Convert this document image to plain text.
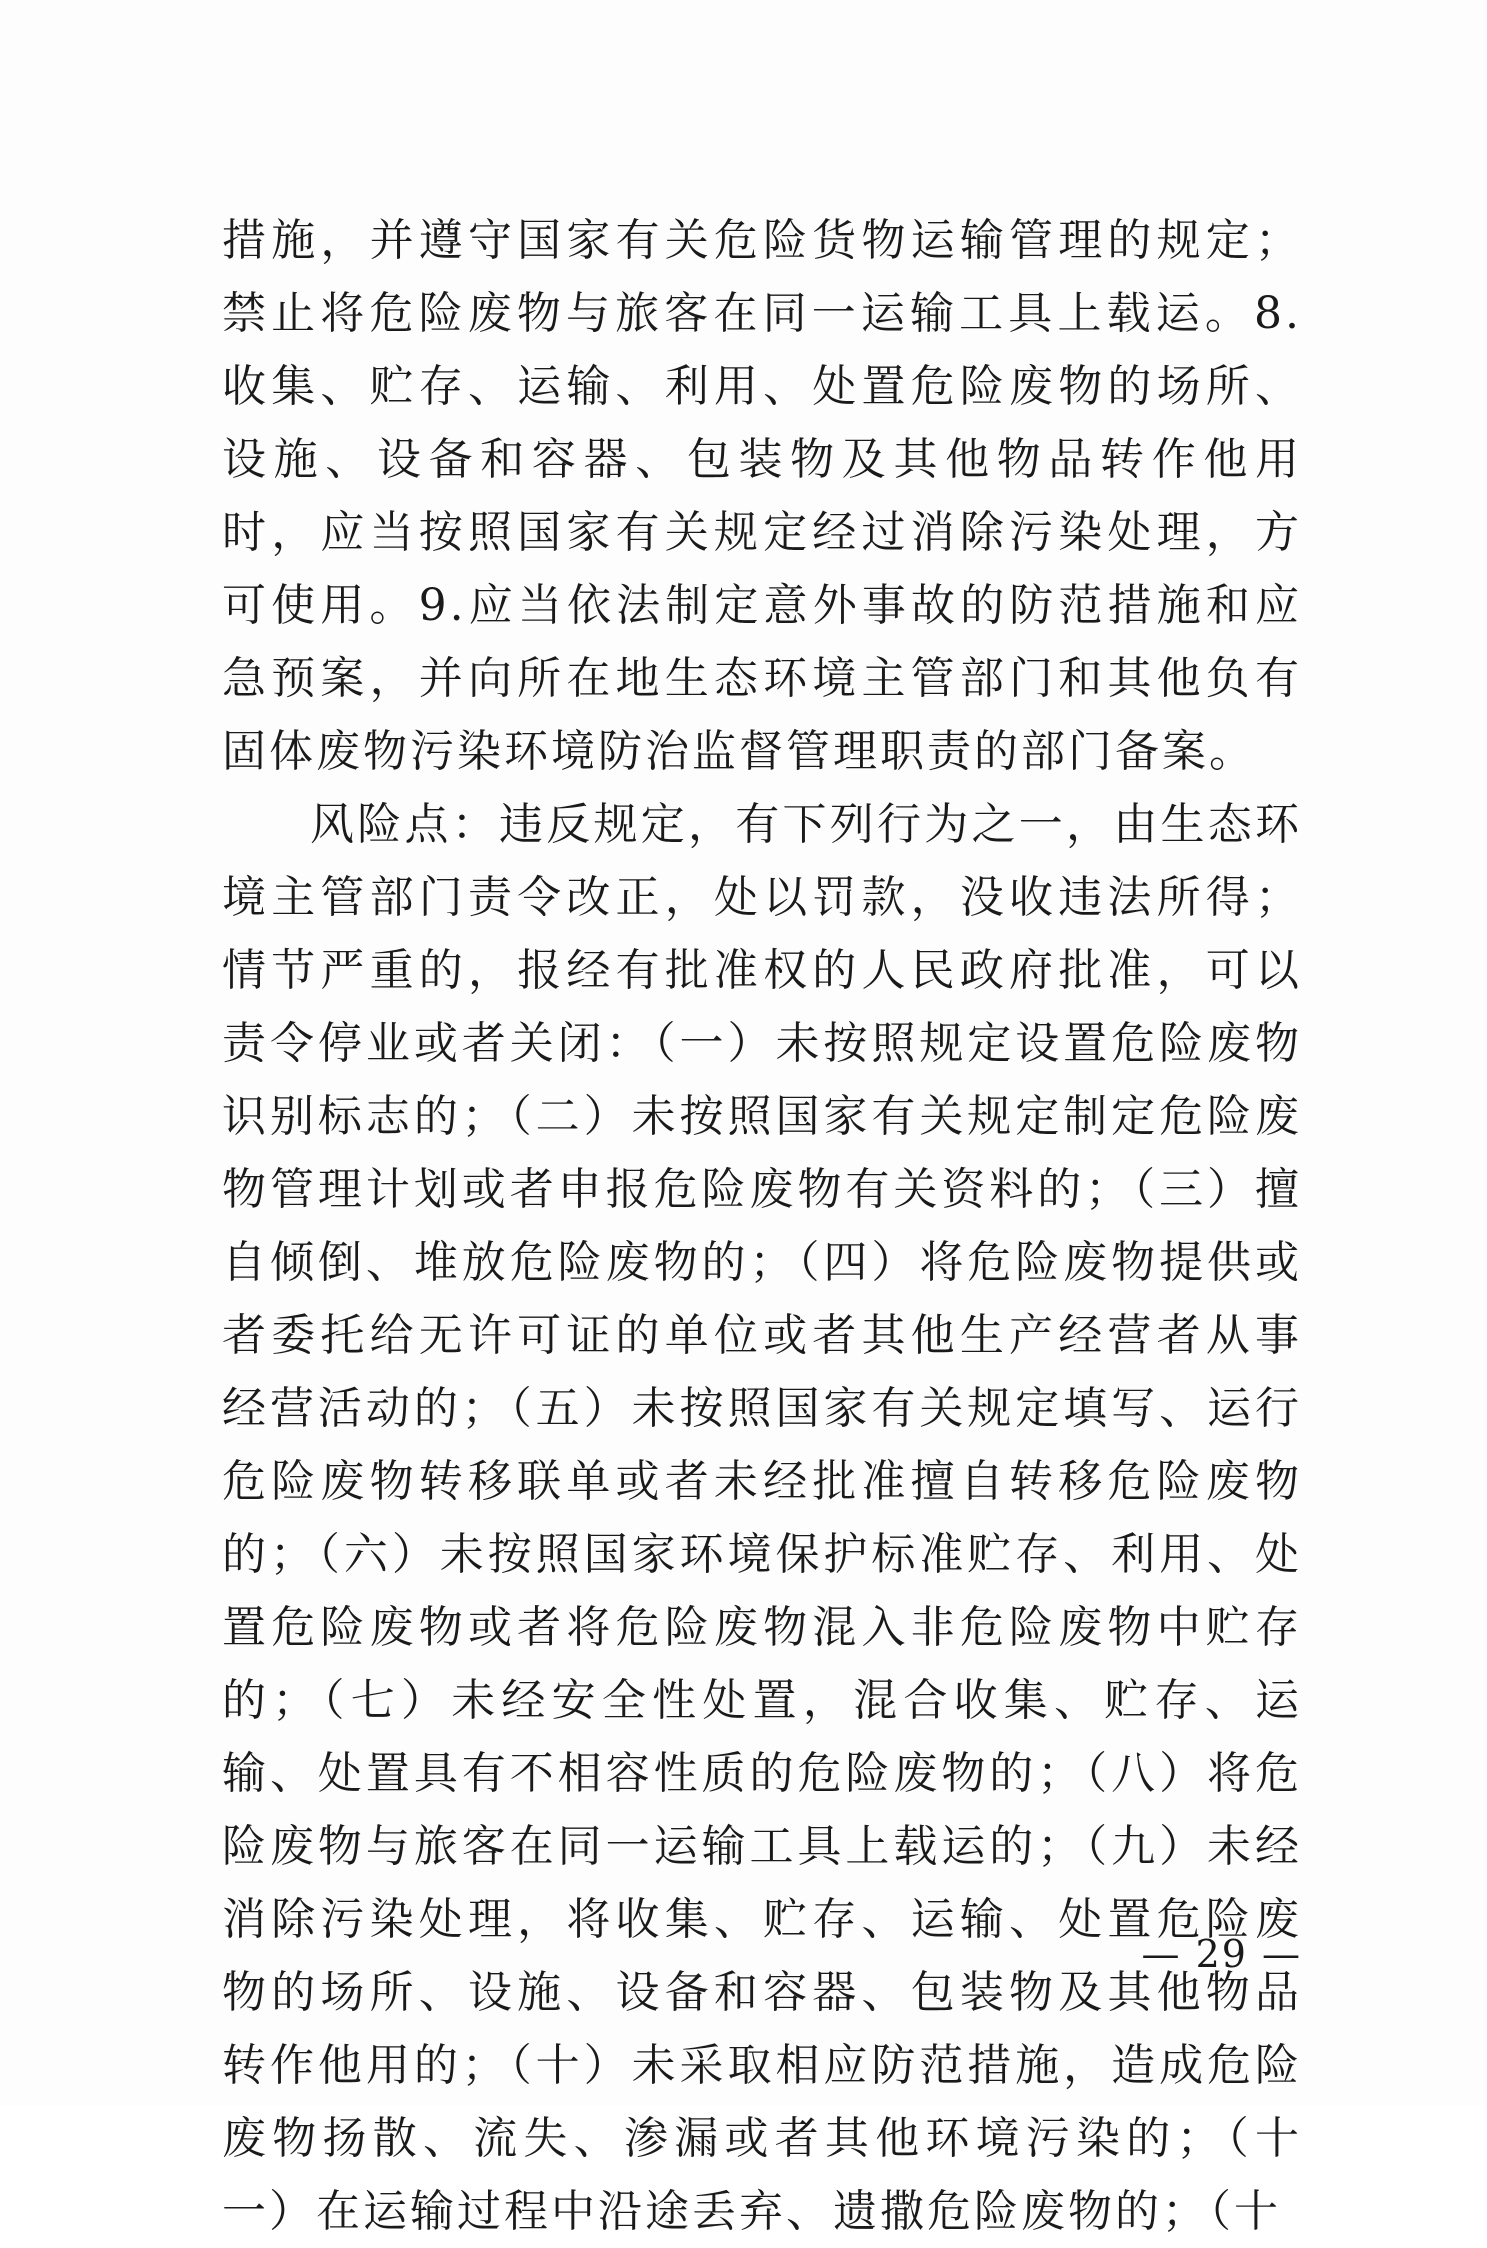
措施，并遵守国家有关危险货物运输管理的规定；禁止将危险废物与旅客在同一运输工具上载运。8.收集、贮存、运输、利用、处置危险废物的场所、设施、设备和容器、包装物及其他物品转作他用时，应当按照国家有关规定经过消除污染处理，方可使用。9.应当依法制定意外事故的防范措施和应急预案，并向所在地生态环境主管部门和其他负有固体废物污染环境防治监督管理职责的部门备案。

风险点：违反规定，有下列行为之一，由生态环境主管部门责令改正，处以罚款，没收违法所得；情节严重的，报经有批准权的人民政府批准，可以责令停业或者关闭：（一）未按照规定设置危险废物识别标志的；（二）未按照国家有关规定制定危险废物管理计划或者申报危险废物有关资料的；（三）擅自倾倒、堆放危险废物的；（四）将危险废物提供或者委托给无许可证的单位或者其他生产经营者从事经营活动的；（五）未按照国家有关规定填写、运行危险废物转移联单或者未经批准擅自转移危险废物的；（六）未按照国家环境保护标准贮存、利用、处置危险废物或者将危险废物混入非危险废物中贮存的；（七）未经安全性处置，混合收集、贮存、运输、处置具有不相容性质的危险废物的；（八）将危险废物与旅客在同一运输工具上载运的；（九）未经消除污染处理，将收集、贮存、运输、处置危险废物的场所、设施、设备和容器、包装物及其他物品转作他用的；（十）未采取相应防范措施，造成危险废物扬散、流失、渗漏或者其他环境污染的；（十一）在运输过程中沿途丢弃、遗撒危险废物的；（十

— 29 —
